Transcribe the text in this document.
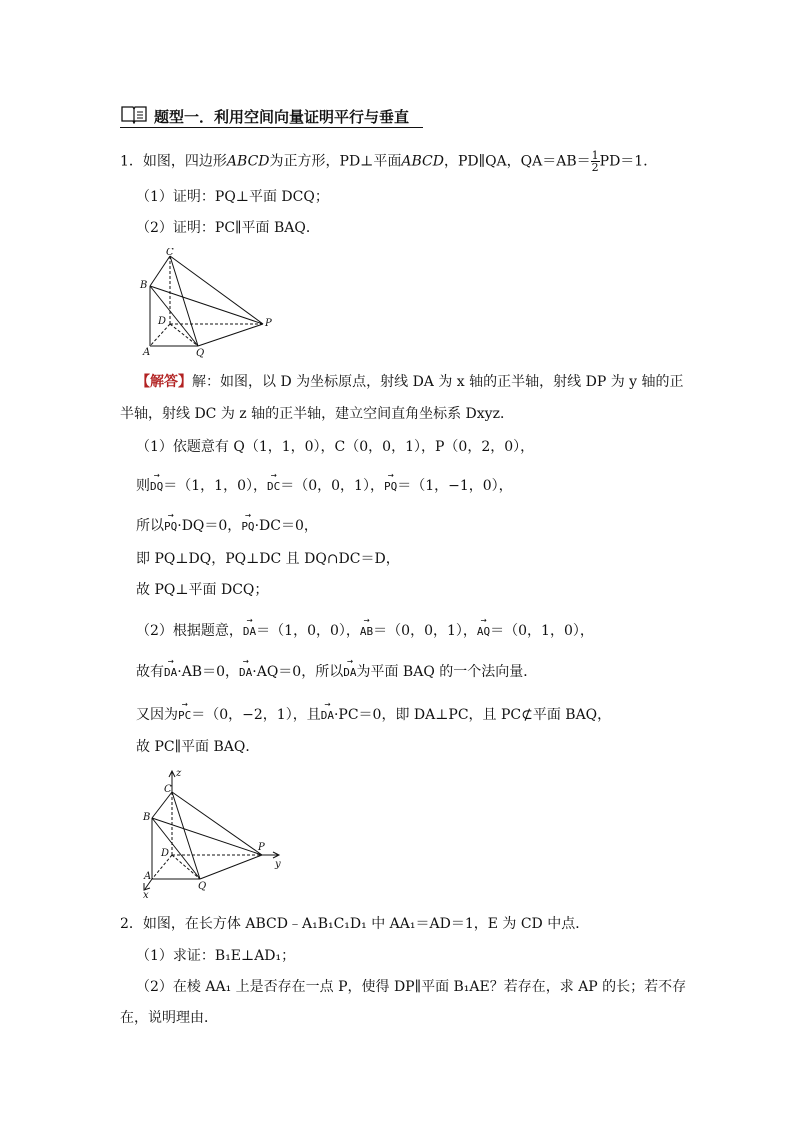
题型一．利用空间向量证明平行与垂直
1．如图，四边形ABCD为正方形，PD⊥平面ABCD，PD∥QA，$QA=AB= \frac{1}{2} PD=1$．
（1）证明：PQ⊥平面 DCQ；
（2）证明：PC∥平面 BAQ．
C
B
D	P
A	Q
【解答】解：如图，以 D 为坐标原点，射线 DA 为 x 轴的正半轴，射线 DP 为 y 轴的正
半轴，射线 DC 为 z 轴的正半轴，建立空间直角坐标系 Dxyz．
（1）依题意有 Q（1，1，0），C（0，0，1），P（0，2，0），
则→ DQ＝（1，1，0），→ DC＝（0，0，1），→ PQ＝（1，−1，0），
所以→ PQ·DQ＝0，→ PQ·DC＝0，
即 PQ⊥DQ，PQ⊥DC 且 DQ∩DC＝D，
故 PQ⊥平面 DCQ；
（2）根据题意，→ DA＝（1，0，0），→ AB＝（0，0，1），→ AQ＝（0，1，0），
故有→ DA·AB＝0，→ DA·AQ＝0，所以→ DA为平面 BAQ 的一个法向量．
又因为→ PC＝（0，−2，1），且→ DA·PC＝0，即 DA⊥PC，且 PC⊄平面 BAQ，
故 PC∥平面 BAQ．
z
C
B
D
P
y
A
Q
x
2．如图，在长方体 ABCD﹣A₁B₁C₁D₁ 中 AA₁＝AD＝1，E 为 CD 中点．
（1）求证：B₁E⊥AD₁；
（2）在棱 AA₁ 上是否存在一点 P，使得 DP∥平面 B₁AE？若存在，求 AP 的长；若不存
在，说明理由．
